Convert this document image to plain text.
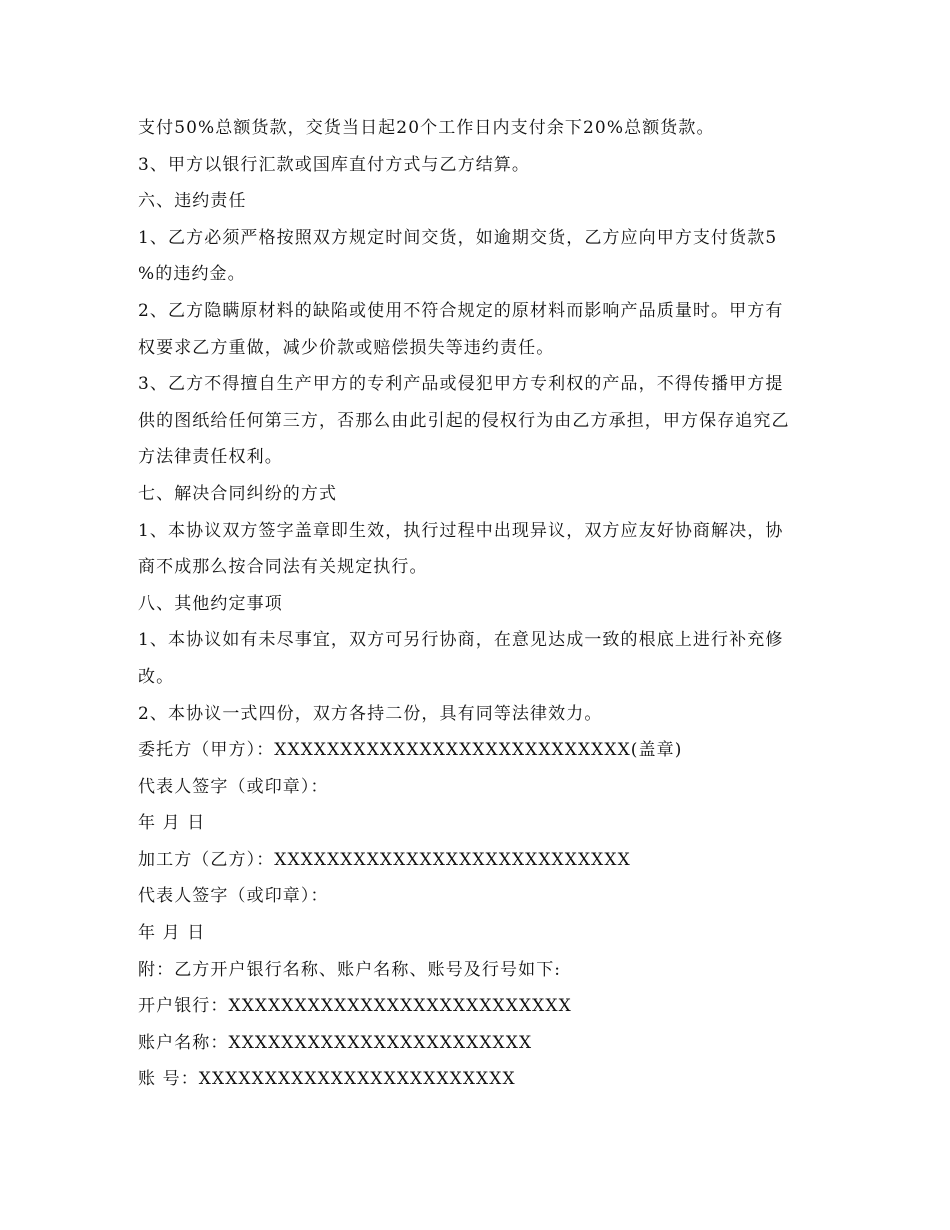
支付50%总额货款，交货当日起20个工作日内支付余下20%总额货款。
3、甲方以银行汇款或国库直付方式与乙方结算。
六、违约责任
1、乙方必须严格按照双方规定时间交货，如逾期交货，乙方应向甲方支付货款5
%的违约金。
2、乙方隐瞒原材料的缺陷或使用不符合规定的原材料而影响产品质量时。甲方有
权要求乙方重做，减少价款或赔偿损失等违约责任。
3、乙方不得擅自生产甲方的专利产品或侵犯甲方专利权的产品，不得传播甲方提
供的图纸给任何第三方，否那么由此引起的侵权行为由乙方承担，甲方保存追究乙
方法律责任权利。
七、解决合同纠纷的方式
1、本协议双方签字盖章即生效，执行过程中出现异议，双方应友好协商解决，协
商不成那么按合同法有关规定执行。
八、其他约定事项
1、本协议如有未尽事宜，双方可另行协商，在意见达成一致的根底上进行补充修
改。
2、本协议一式四份，双方各持二份，具有同等法律效力。
委托方（甲方）：XXXXXXXXXXXXXXXXXXXXXXXXXXX(盖章)
代表人签字（或印章）：
年 月 日
加工方（乙方）：XXXXXXXXXXXXXXXXXXXXXXXXXXX
代表人签字（或印章）：
年 月 日
附：乙方开户银行名称、账户名称、账号及行号如下:
开户银行：XXXXXXXXXXXXXXXXXXXXXXXXXX
账户名称：XXXXXXXXXXXXXXXXXXXXXXX
账 号：XXXXXXXXXXXXXXXXXXXXXXXX
